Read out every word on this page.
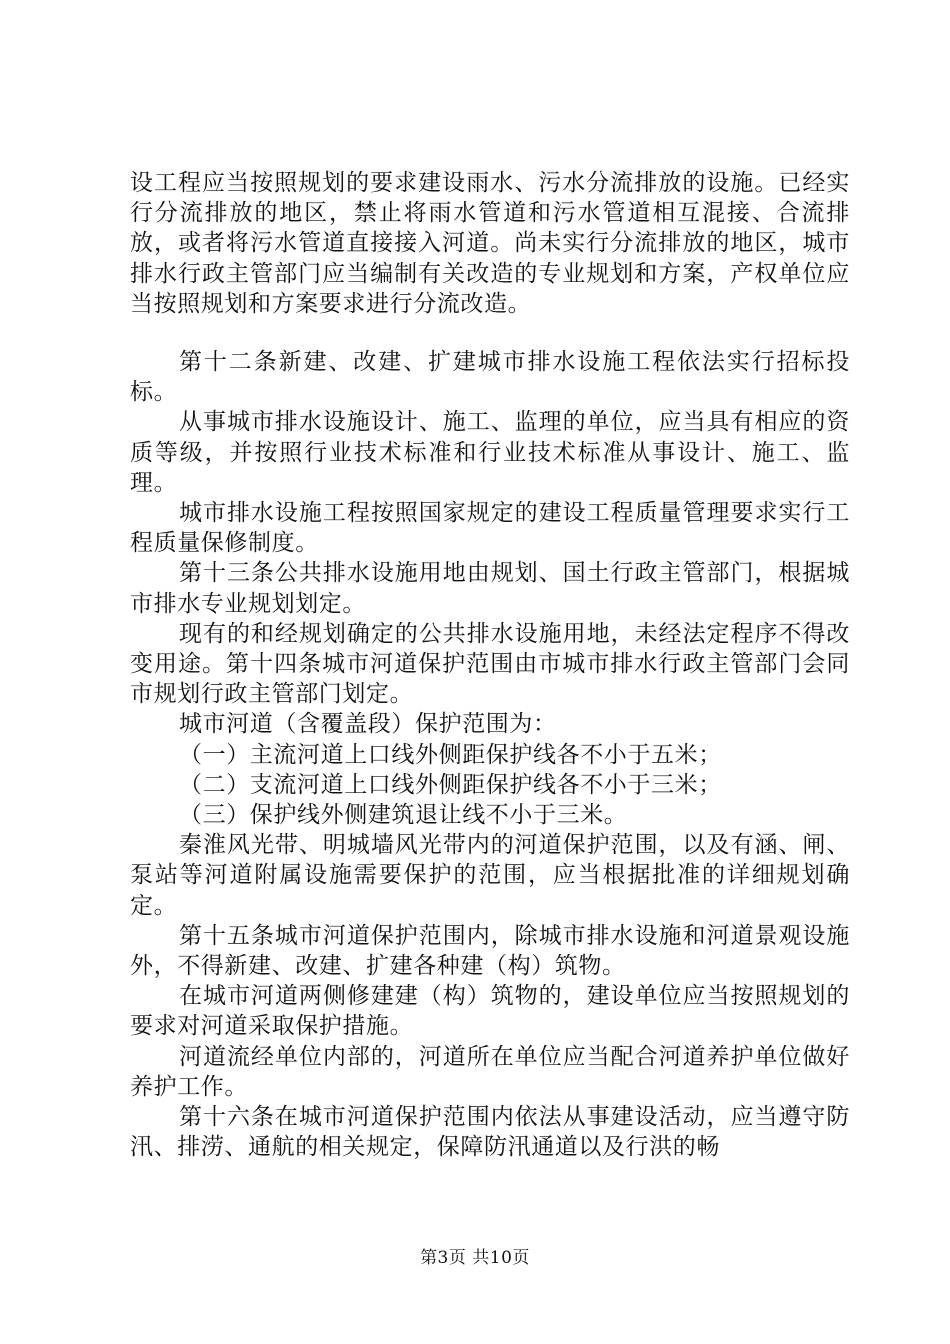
设工程应当按照规划的要求建设雨水、污水分流排放的设施。已经实行分流排放的地区，禁止将雨水管道和污水管道相互混接、合流排放，或者将污水管道直接接入河道。尚未实行分流排放的地区，城市排水行政主管部门应当编制有关改造的专业规划和方案，产权单位应当按照规划和方案要求进行分流改造。

第十二条新建、改建、扩建城市排水设施工程依法实行招标投标。

从事城市排水设施设计、施工、监理的单位，应当具有相应的资质等级，并按照行业技术标准和行业技术标准从事设计、施工、监理。

城市排水设施工程按照国家规定的建设工程质量管理要求实行工程质量保修制度。

第十三条公共排水设施用地由规划、国土行政主管部门，根据城市排水专业规划划定。

现有的和经规划确定的公共排水设施用地，未经法定程序不得改变用途。第十四条城市河道保护范围由市城市排水行政主管部门会同市规划行政主管部门划定。

城市河道（含覆盖段）保护范围为：

（一）主流河道上口线外侧距保护线各不小于五米；

（二）支流河道上口线外侧距保护线各不小于三米；

（三）保护线外侧建筑退让线不小于三米。

秦淮风光带、明城墙风光带内的河道保护范围，以及有涵、闸、泵站等河道附属设施需要保护的范围，应当根据批准的详细规划确定。

第十五条城市河道保护范围内，除城市排水设施和河道景观设施外，不得新建、改建、扩建各种建（构）筑物。

在城市河道两侧修建建（构）筑物的，建设单位应当按照规划的要求对河道采取保护措施。

河道流经单位内部的，河道所在单位应当配合河道养护单位做好养护工作。

第十六条在城市河道保护范围内依法从事建设活动，应当遵守防汛、排涝、通航的相关规定，保障防汛通道以及行洪的畅

第3页 共10页
